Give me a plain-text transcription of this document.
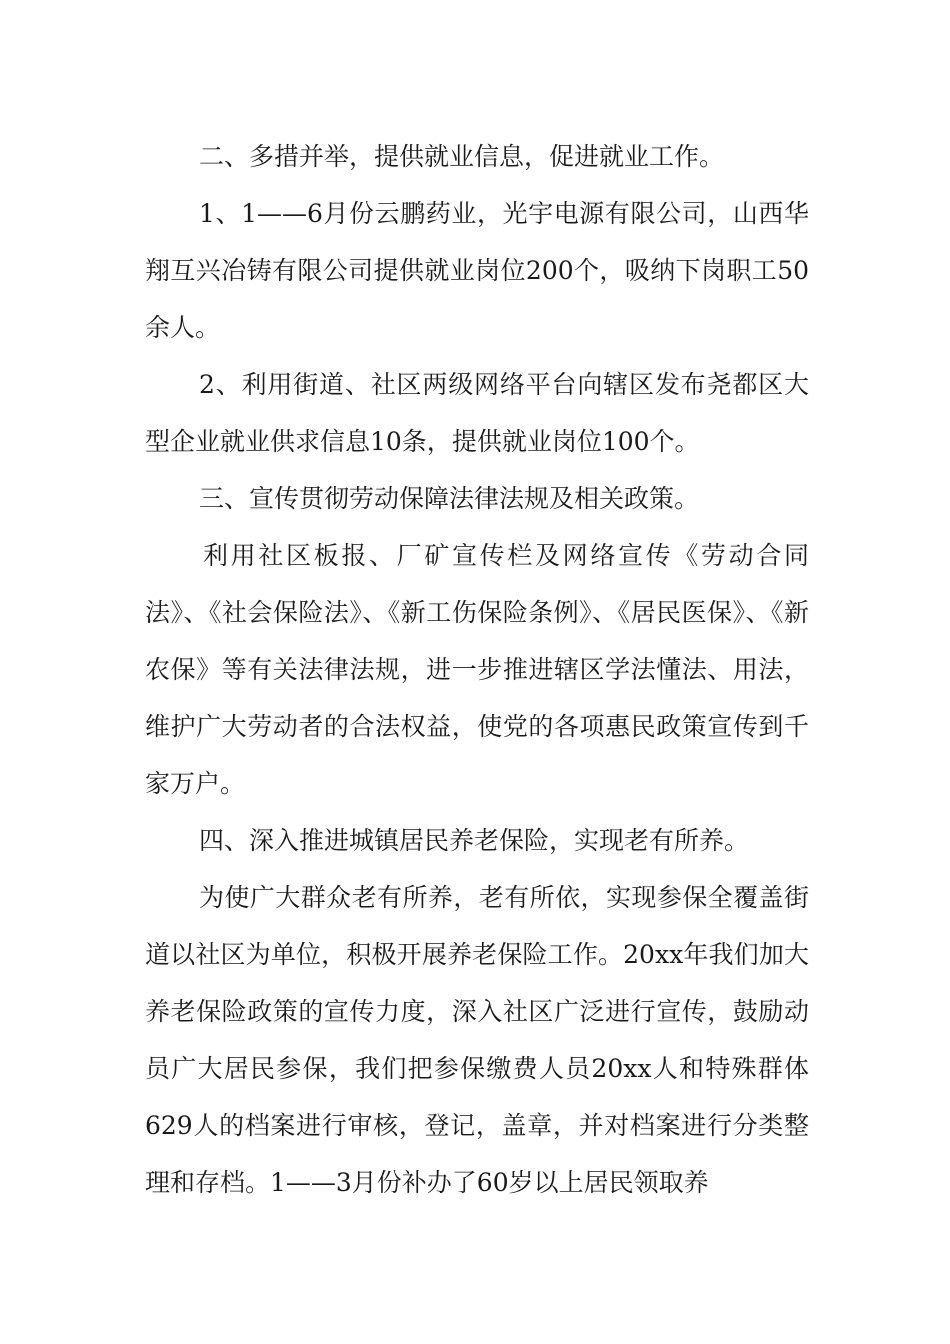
二、多措并举，提供就业信息，促进就业工作。

1、1——6月份云鹏药业，光宇电源有限公司，山西华翔互兴冶铸有限公司提供就业岗位200个，吸纳下岗职工50余人。

2、利用街道、社区两级网络平台向辖区发布尧都区大型企业就业供求信息10条，提供就业岗位100个。

三、宣传贯彻劳动保障法律法规及相关政策。

利用社区板报、厂矿宣传栏及网络宣传《劳动合同法》、《社会保险法》、《新工伤保险条例》、《居民医保》、《新农保》等有关法律法规，进一步推进辖区学法懂法、用法，维护广大劳动者的合法权益，使党的各项惠民政策宣传到千家万户。

四、深入推进城镇居民养老保险，实现老有所养。

为使广大群众老有所养，老有所依，实现参保全覆盖街道以社区为单位，积极开展养老保险工作。20xx年我们加大养老保险政策的宣传力度，深入社区广泛进行宣传，鼓励动员广大居民参保，我们把参保缴费人员20xx人和特殊群体629人的档案进行审核，登记，盖章，并对档案进行分类整理和存档。1——3月份补办了60岁以上居民领取养
